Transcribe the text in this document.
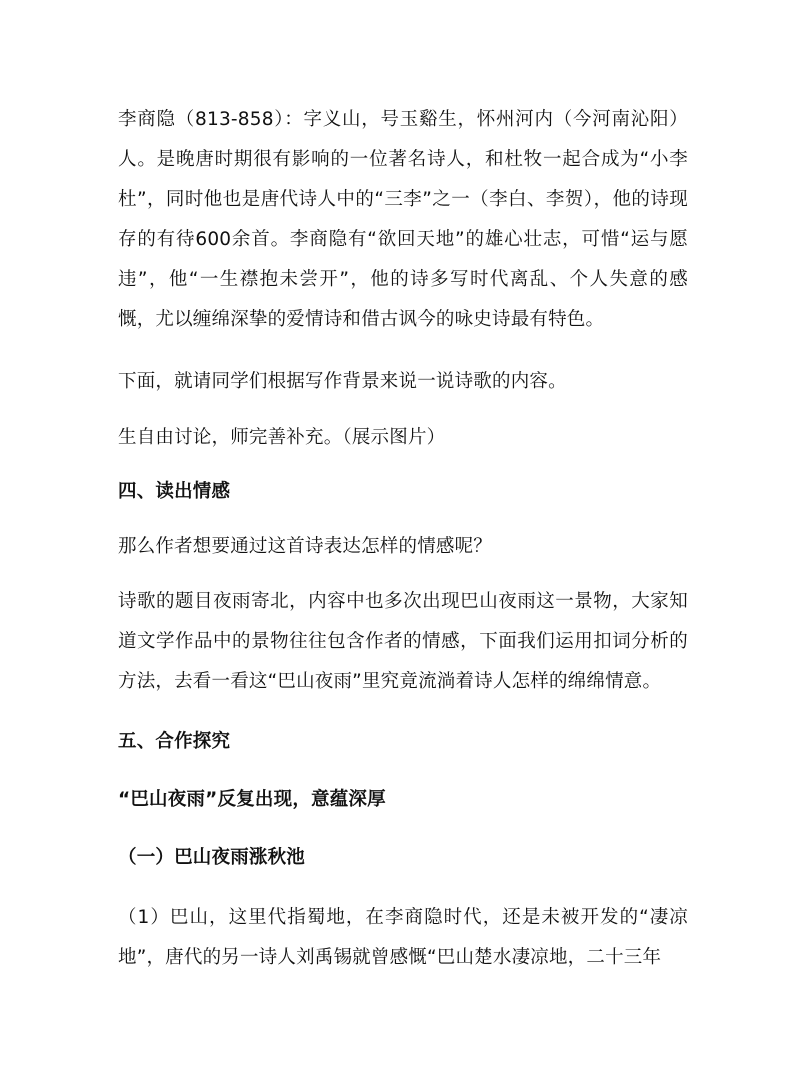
李商隐（813-858）：字义山，号玉谿生，怀州河内（今河南沁阳）人。是晚唐时期很有影响的一位著名诗人，和杜牧一起合成为“小李杜”，同时他也是唐代诗人中的“三李”之一（李白、李贺），他的诗现存的有待600余首。李商隐有“欲回天地”的雄心壮志，可惜“运与愿违”，他“一生襟抱未尝开”，他的诗多写时代离乱、个人失意的感慨，尤以缠绵深挚的爱情诗和借古讽今的咏史诗最有特色。

下面，就请同学们根据写作背景来说一说诗歌的内容。

生自由讨论，师完善补充。（展示图片）

四、读出情感

那么作者想要通过这首诗表达怎样的情感呢？

诗歌的题目夜雨寄北，内容中也多次出现巴山夜雨这一景物，大家知道文学作品中的景物往往包含作者的情感，下面我们运用扣词分析的方法，去看一看这“巴山夜雨”里究竟流淌着诗人怎样的绵绵情意。

五、合作探究

“巴山夜雨”反复出现，意蕴深厚

（一）巴山夜雨涨秋池

（1）巴山，这里代指蜀地，在李商隐时代，还是未被开发的“凄凉地”，唐代的另一诗人刘禹锡就曾感慨“巴山楚水凄凉地，二十三年
